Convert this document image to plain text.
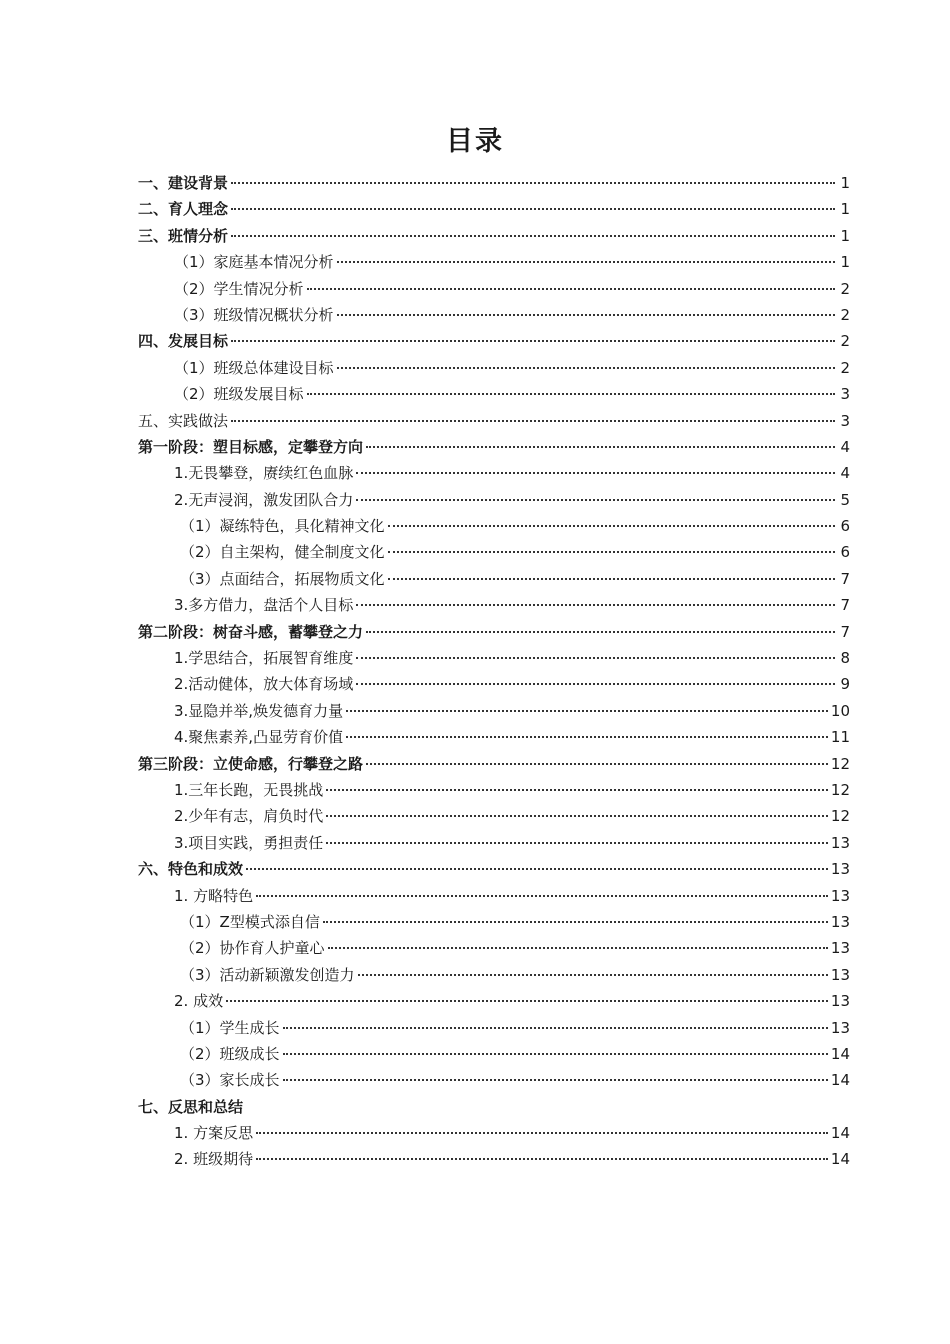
目录
一、建设背景	1
二、育人理念	1
三、班情分析	1
（1）家庭基本情况分析	1
（2）学生情况分析	2
（3）班级情况概状分析	2
四、发展目标	2
（1）班级总体建设目标	2
（2）班级发展目标	3
五、实践做法	3
第一阶段：塑目标感，定攀登方向	4
1.无畏攀登，赓续红色血脉	4
2.无声浸润，激发团队合力	5
（1）凝练特色，具化精神文化	6
（2）自主架构，健全制度文化	6
（3）点面结合，拓展物质文化	7
3.多方借力，盘活个人目标	7
第二阶段：树奋斗感，蓄攀登之力	7
1.学思结合，拓展智育维度	8
2.活动健体，放大体育场域	9
3.显隐并举,焕发德育力量	10
4.聚焦素养,凸显劳育价值	11
第三阶段：立使命感，行攀登之路	12
1.三年长跑，无畏挑战	12
2.少年有志，肩负时代	12
3.项目实践，勇担责任	13
六、特色和成效	13
1. 方略特色	13
（1）Z型模式添自信	13
（2）协作育人护童心	13
（3）活动新颖激发创造力	13
2. 成效	13
（1）学生成长	13
（2）班级成长	14
（3）家长成长	14
七、反思和总结
1. 方案反思	14
2. 班级期待	14
